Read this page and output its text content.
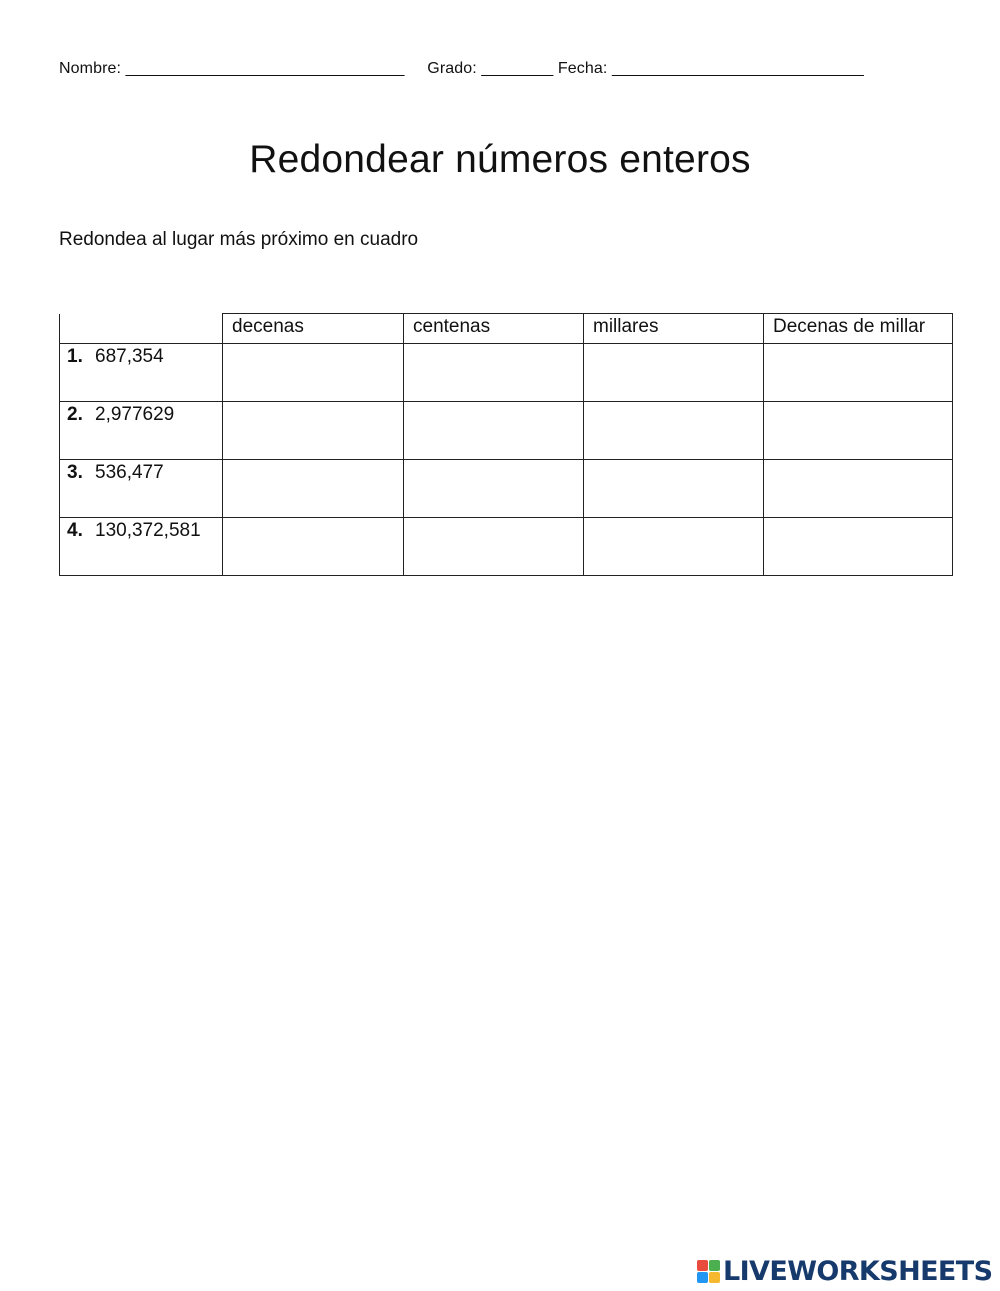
Nombre: _______________________________ Grado: ________ Fecha: ____________________________
Redondear números enteros
Redondea al lugar más próximo en cuadro
	decenas	centenas	millares	Decenas de millar
1. 687,354				
2. 2,977629				
3. 536,477				
4. 130,372,581				
LIVEWORKSHEETS
